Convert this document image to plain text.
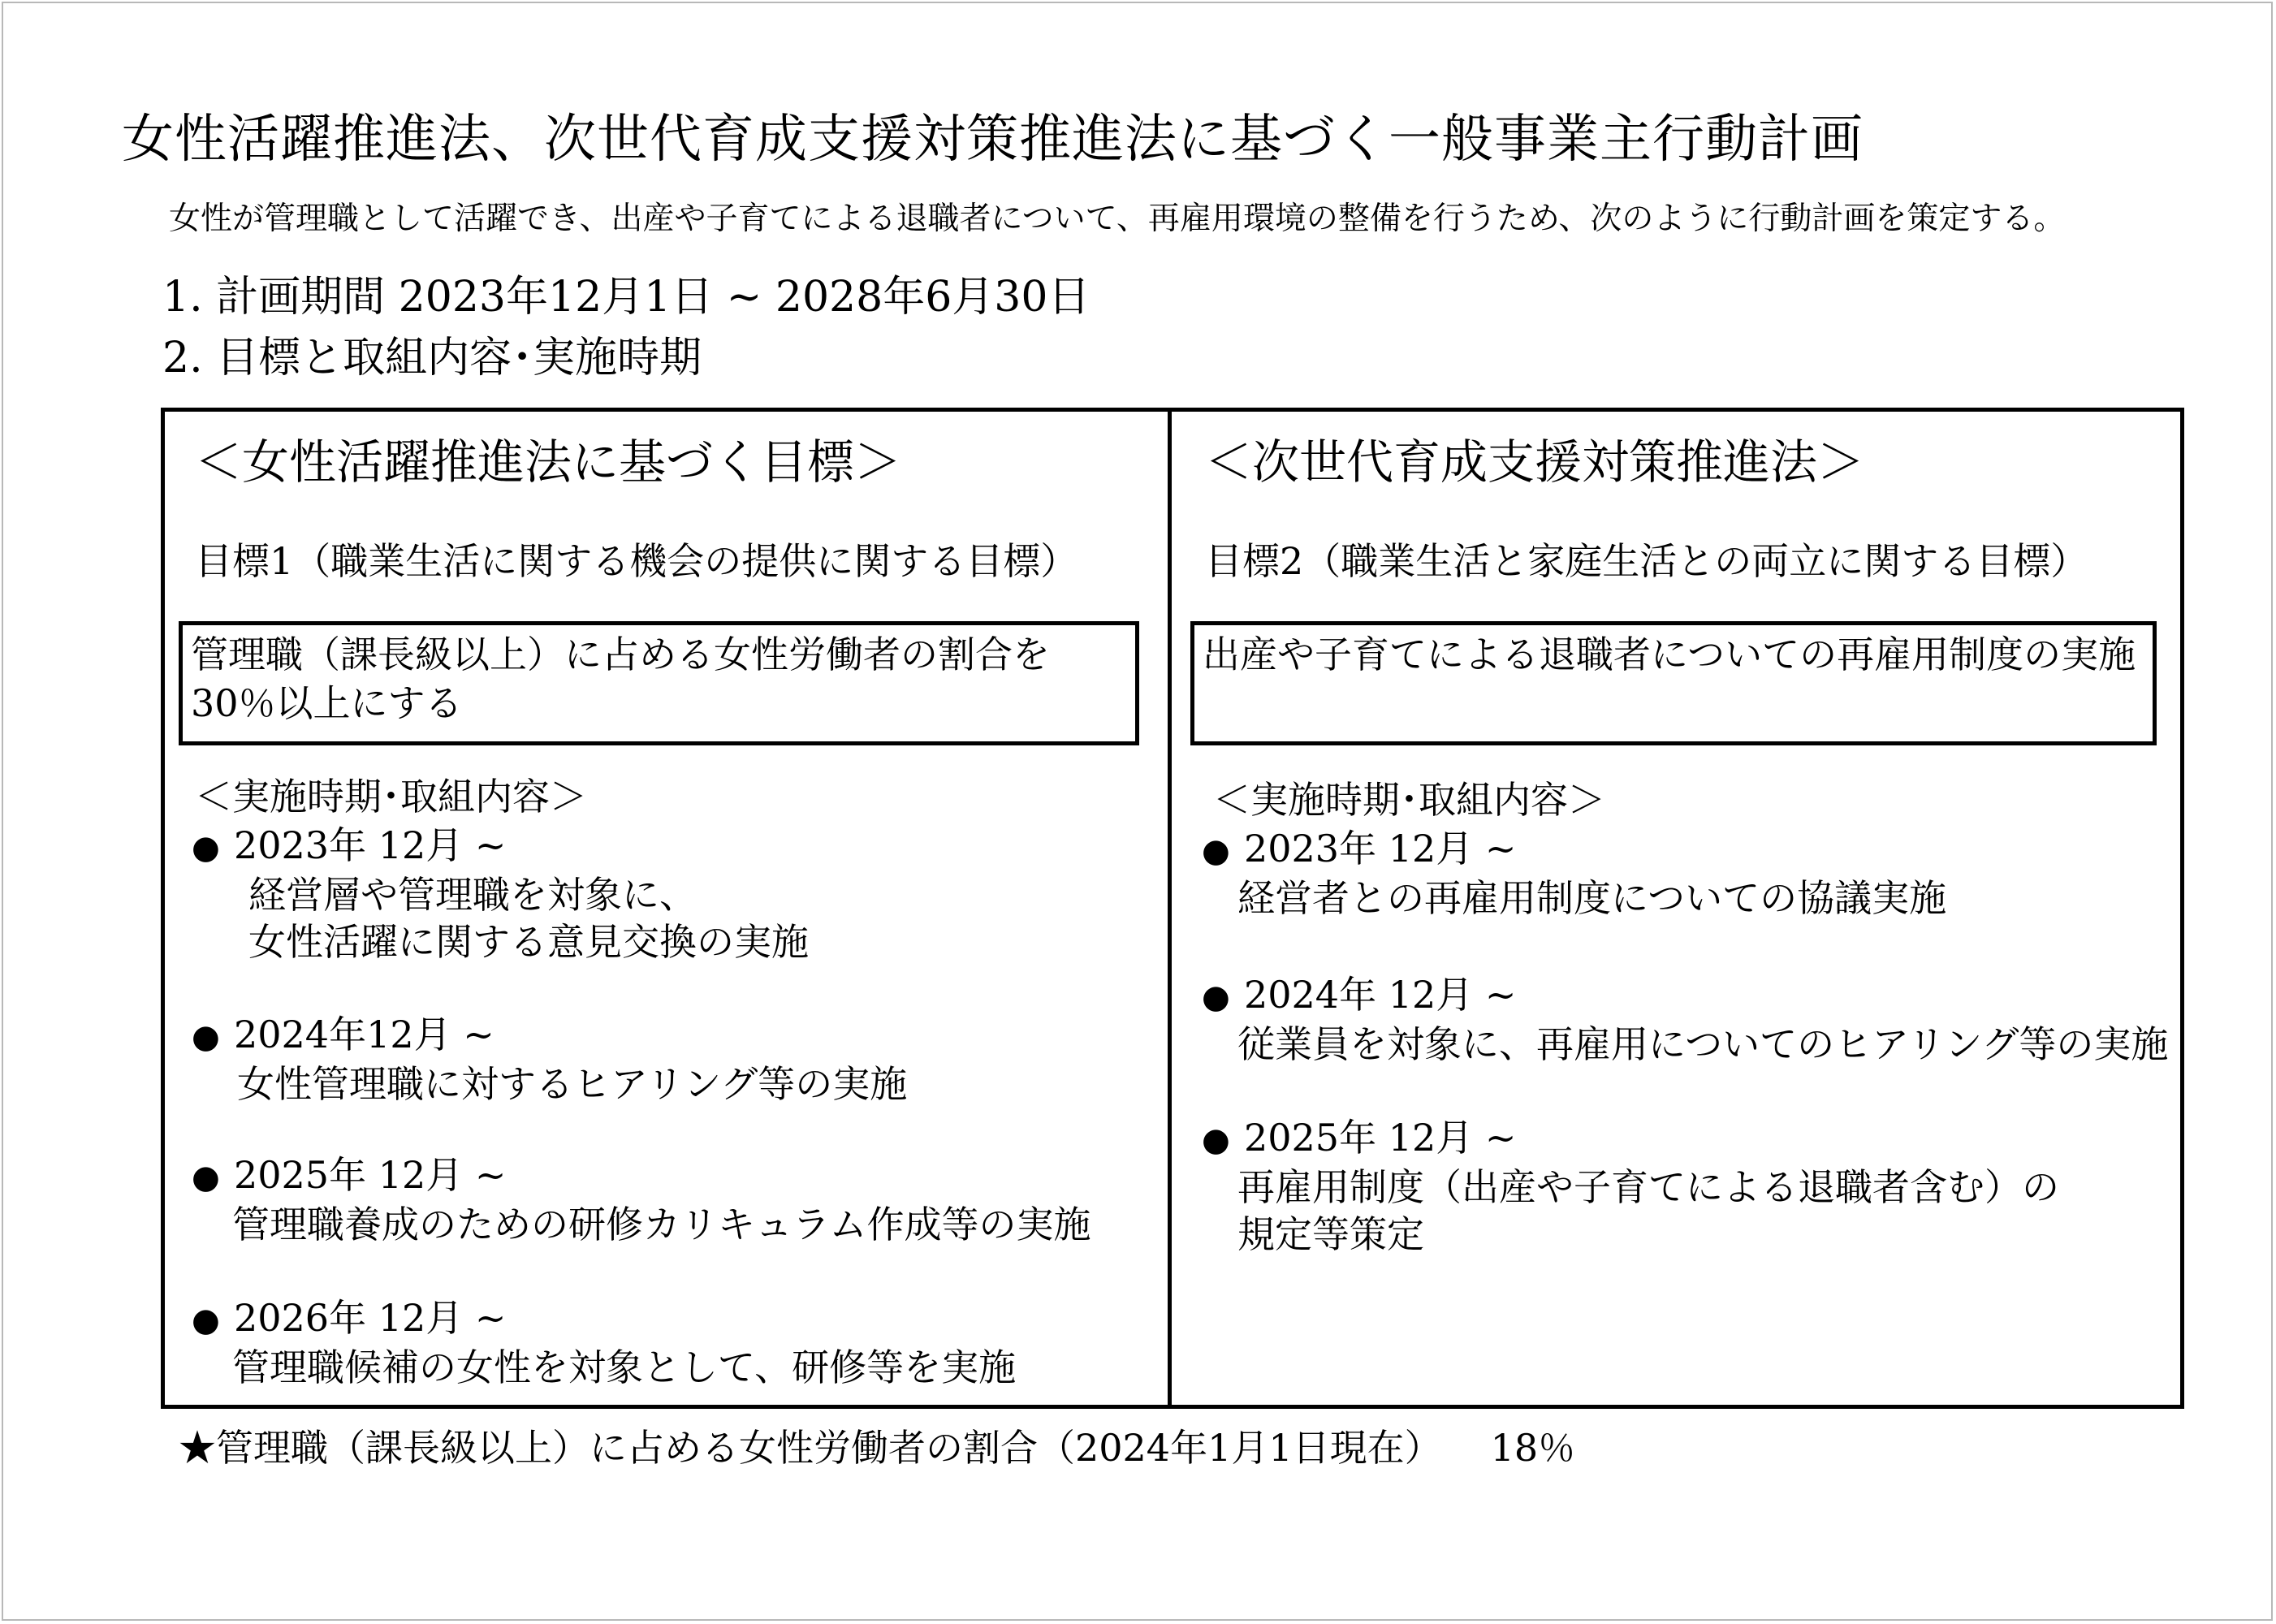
女性活躍推進法、次世代育成支援対策推進法に基づく一般事業主行動計画
女性が管理職として活躍でき、出産や子育てによる退職者について、再雇用環境の整備を行うため、次のように行動計画を策定する。
1. 計画期間 2023年12月1日 ~ 2028年6月30日
2. 目標と取組内容･実施時期
＜女性活躍推進法に基づく目標＞
目標1（職業生活に関する機会の提供に関する目標）
管理職（課長級以上）に占める女性労働者の割合を
30％以上にする
＜実施時期･取組内容＞
● 2023年 12月 ~
経営層や管理職を対象に、
女性活躍に関する意見交換の実施
● 2024年12月 ~
女性管理職に対するヒアリング等の実施
● 2025年 12月 ~
管理職養成のための研修カリキュラム作成等の実施
● 2026年 12月 ~
管理職候補の女性を対象として、研修等を実施
＜次世代育成支援対策推進法＞
目標2（職業生活と家庭生活との両立に関する目標）
出産や子育てによる退職者についての再雇用制度の実施
＜実施時期･取組内容＞
● 2023年 12月 ~
経営者との再雇用制度についての協議実施
● 2024年 12月 ~
従業員を対象に、再雇用についてのヒアリング等の実施
● 2025年 12月 ~
再雇用制度（出産や子育てによる退職者含む）の
規定等策定
★管理職（課長級以上）に占める女性労働者の割合（2024年1月1日現在） 18％
